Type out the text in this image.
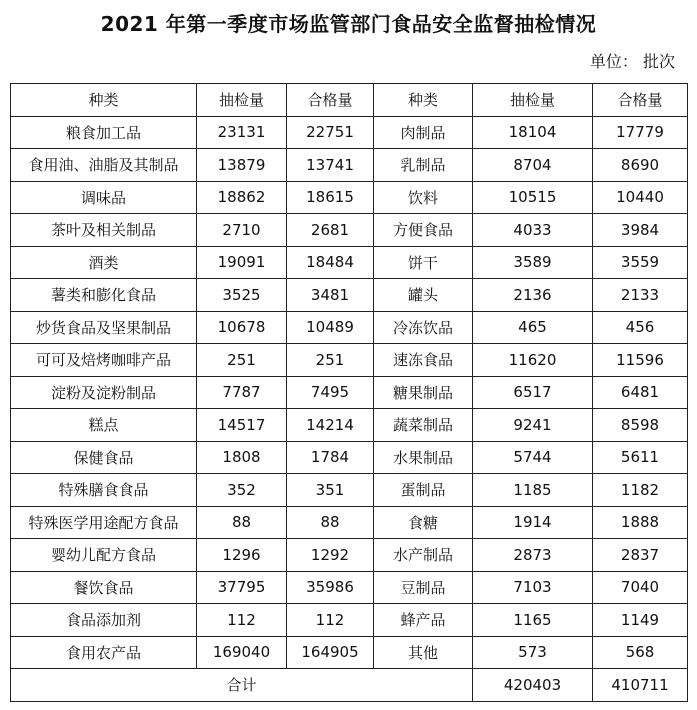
2021 年第一季度市场监管部门食品安全监督抽检情况
单位： 批次
种类	抽检量	合格量	种类	抽检量	合格量
粮食加工品	23131	22751	肉制品	18104	17779
食用油、油脂及其制品	13879	13741	乳制品	8704	8690
调味品	18862	18615	饮料	10515	10440
茶叶及相关制品	2710	2681	方便食品	4033	3984
酒类	19091	18484	饼干	3589	3559
薯类和膨化食品	3525	3481	罐头	2136	2133
炒货食品及坚果制品	10678	10489	冷冻饮品	465	456
可可及焙烤咖啡产品	251	251	速冻食品	11620	11596
淀粉及淀粉制品	7787	7495	糖果制品	6517	6481
糕点	14517	14214	蔬菜制品	9241	8598
保健食品	1808	1784	水果制品	5744	5611
特殊膳食食品	352	351	蛋制品	1185	1182
特殊医学用途配方食品	88	88	食糖	1914	1888
婴幼儿配方食品	1296	1292	水产制品	2873	2837
餐饮食品	37795	35986	豆制品	7103	7040
食品添加剂	112	112	蜂产品	1165	1149
食用农产品	169040	164905	其他	573	568
合计				420403	410711
